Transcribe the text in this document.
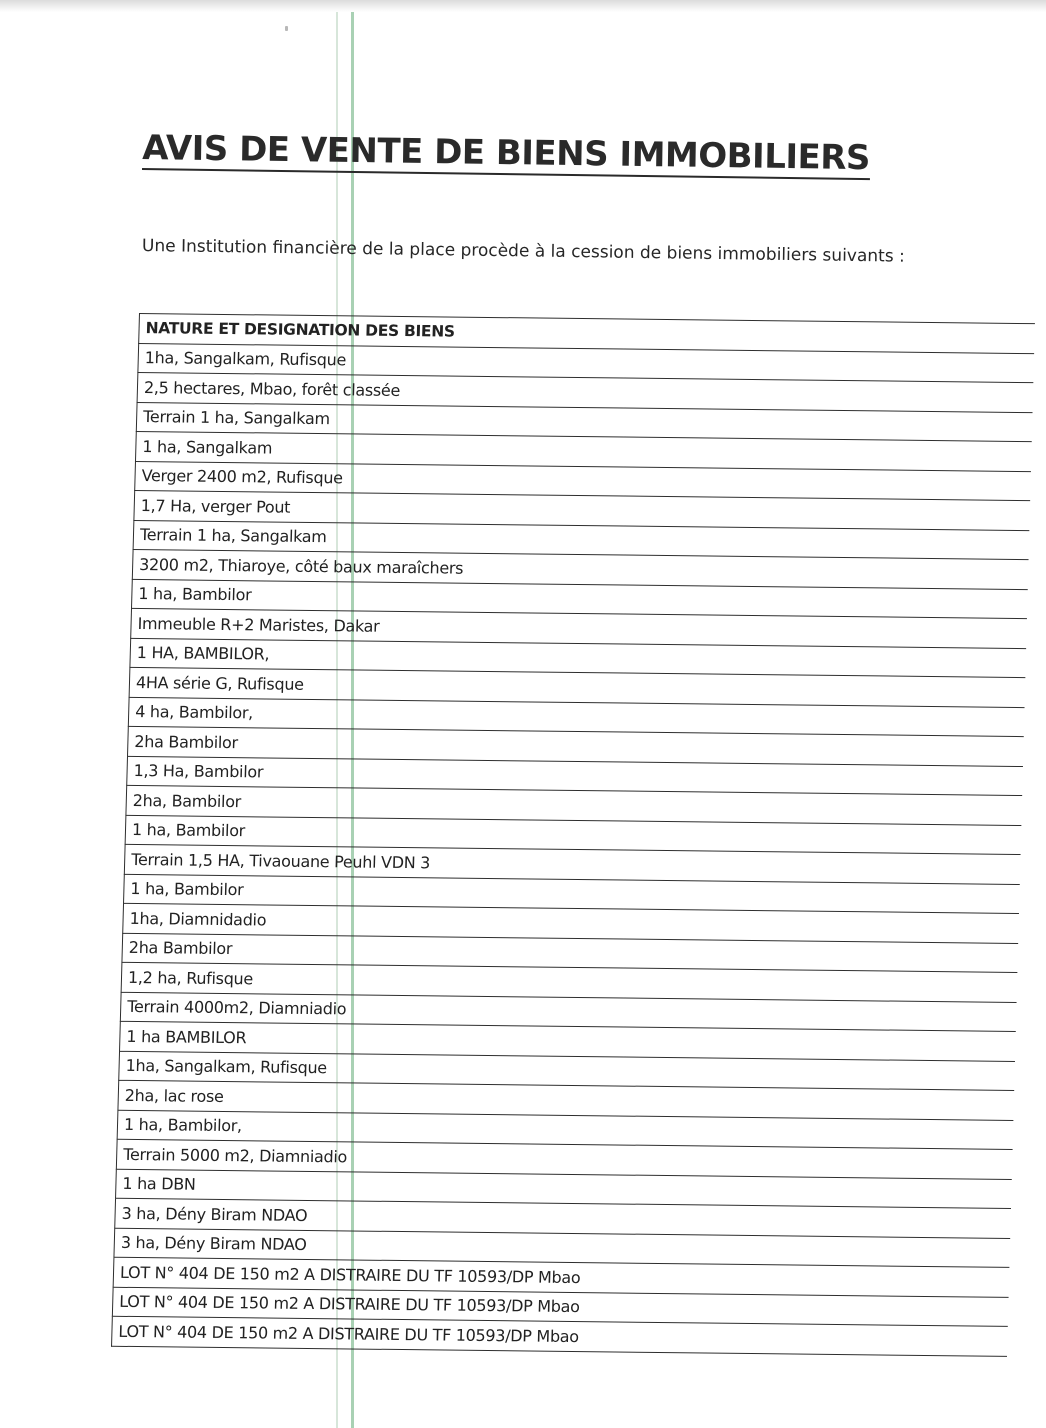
AVIS DE VENTE DE BIENS IMMOBILIERS

Une Institution financière de la place procède à la cession de biens immobiliers suivants :

NATURE ET DESIGNATION DES BIENS
1ha, Sangalkam, Rufisque
2,5 hectares, Mbao, forêt classée
Terrain 1 ha, Sangalkam
1 ha, Sangalkam
Verger 2400 m2, Rufisque
1,7 Ha, verger Pout
Terrain 1 ha, Sangalkam
3200 m2, Thiaroye, côté baux maraîchers
1 ha, Bambilor
Immeuble R+2 Maristes, Dakar
1 HA, BAMBILOR,
4HA série G, Rufisque
4 ha, Bambilor,
2ha Bambilor
1,3 Ha, Bambilor
2ha, Bambilor
1 ha, Bambilor
Terrain 1,5 HA, Tivaouane Peuhl VDN 3
1 ha, Bambilor
1ha, Diamnidadio
2ha Bambilor
1,2 ha, Rufisque
Terrain 4000m2, Diamniadio
1 ha BAMBILOR
1ha, Sangalkam, Rufisque
2ha, lac rose
1 ha, Bambilor,
Terrain 5000 m2, Diamniadio
1 ha DBN
3 ha, Dény Biram NDAO
3 ha, Dény Biram NDAO
LOT N° 404 DE 150 m2 A DISTRAIRE DU TF 10593/DP Mbao
LOT N° 404 DE 150 m2 A DISTRAIRE DU TF 10593/DP Mbao
LOT N° 404 DE 150 m2 A DISTRAIRE DU TF 10593/DP Mbao
